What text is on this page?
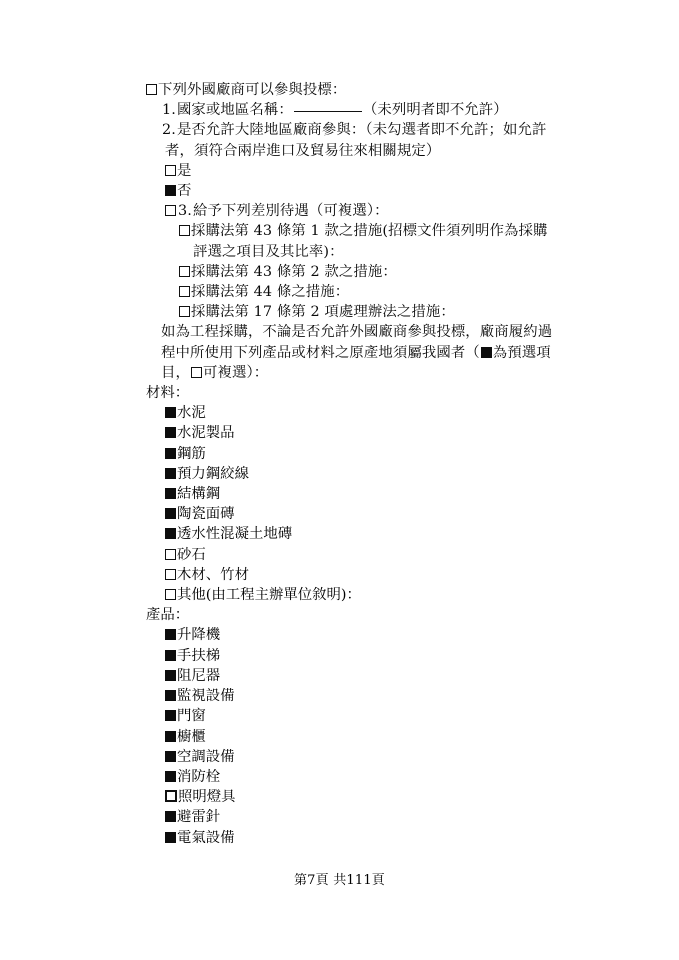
下列外國廠商可以參與投標：
1.國家或地區名稱：	（未列明者即不允許）
2.是否允許大陸地區廠商參與：（未勾選者即不允許；如允許
者，須符合兩岸進口及貿易往來相關規定）
是
否
3.給予下列差別待遇（可複選）：
採購法第 43 條第 1 款之措施(招標文件須列明作為採購
評選之項目及其比率)：
採購法第 43 條第 2 款之措施：
採購法第 44 條之措施：
採購法第 17 條第 2 項處理辦法之措施：
如為工程採購，不論是否允許外國廠商參與投標，廠商履約過
程中所使用下列產品或材料之原產地須屬我國者（ 為預選項
目， 可複選）：
材料：
水泥
水泥製品
鋼筋
預力鋼絞線
結構鋼
陶瓷面磚
透水性混凝土地磚
砂石
木材、竹材
其他(由工程主辦單位敘明)：
產品：
升降機
手扶梯
阻尼器
監視設備
門窗
櫥櫃
空調設備
消防栓
照明燈具
避雷針
電氣設備
第7頁 共111頁
